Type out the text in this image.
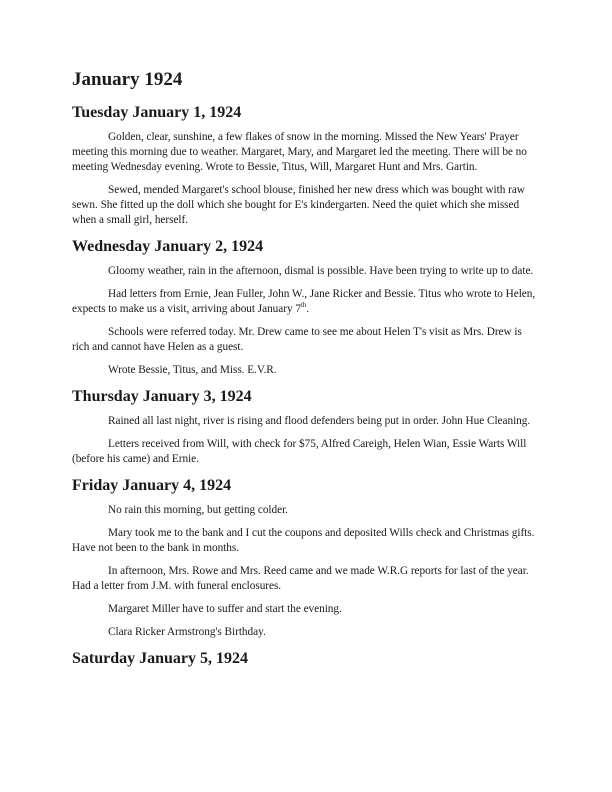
January 1924
Tuesday January 1, 1924

Golden, clear, sunshine, a few flakes of snow in the morning. Missed the New Years' Prayer meeting this morning due to weather. Margaret, Mary, and Margaret led the meeting. There will be no meeting Wednesday evening. Wrote to Bessie, Titus, Will, Margaret Hunt and Mrs. Gartin.

Sewed, mended Margaret's school blouse, finished her new dress which was bought with raw sewn. She fitted up the doll which she bought for E's kindergarten. Need the quiet which she missed when a small girl, herself.

Wednesday January 2, 1924

Gloomy weather, rain in the afternoon, dismal is possible. Have been trying to write up to date.

Had letters from Ernie, Jean Fuller, John W., Jane Ricker and Bessie. Titus who wrote to Helen, expects to make us a visit, arriving about January 7th.

Schools were referred today. Mr. Drew came to see me about Helen T's visit as Mrs. Drew is rich and cannot have Helen as a guest.

Wrote Bessie, Titus, and Miss. E.V.R.

Thursday January 3, 1924

Rained all last night, river is rising and flood defenders being put in order. John Hue Cleaning.

Letters received from Will, with check for $75, Alfred Careigh, Helen Wian, Essie Warts Will (before his came) and Ernie.

Friday January 4, 1924

No rain this morning, but getting colder.

Mary took me to the bank and I cut the coupons and deposited Wills check and Christmas gifts. Have not been to the bank in months.

In afternoon, Mrs. Rowe and Mrs. Reed came and we made W.R.G reports for last of the year. Had a letter from J.M. with funeral enclosures.

Margaret Miller have to suffer and start the evening.

Clara Ricker Armstrong's Birthday.

Saturday January 5, 1924
